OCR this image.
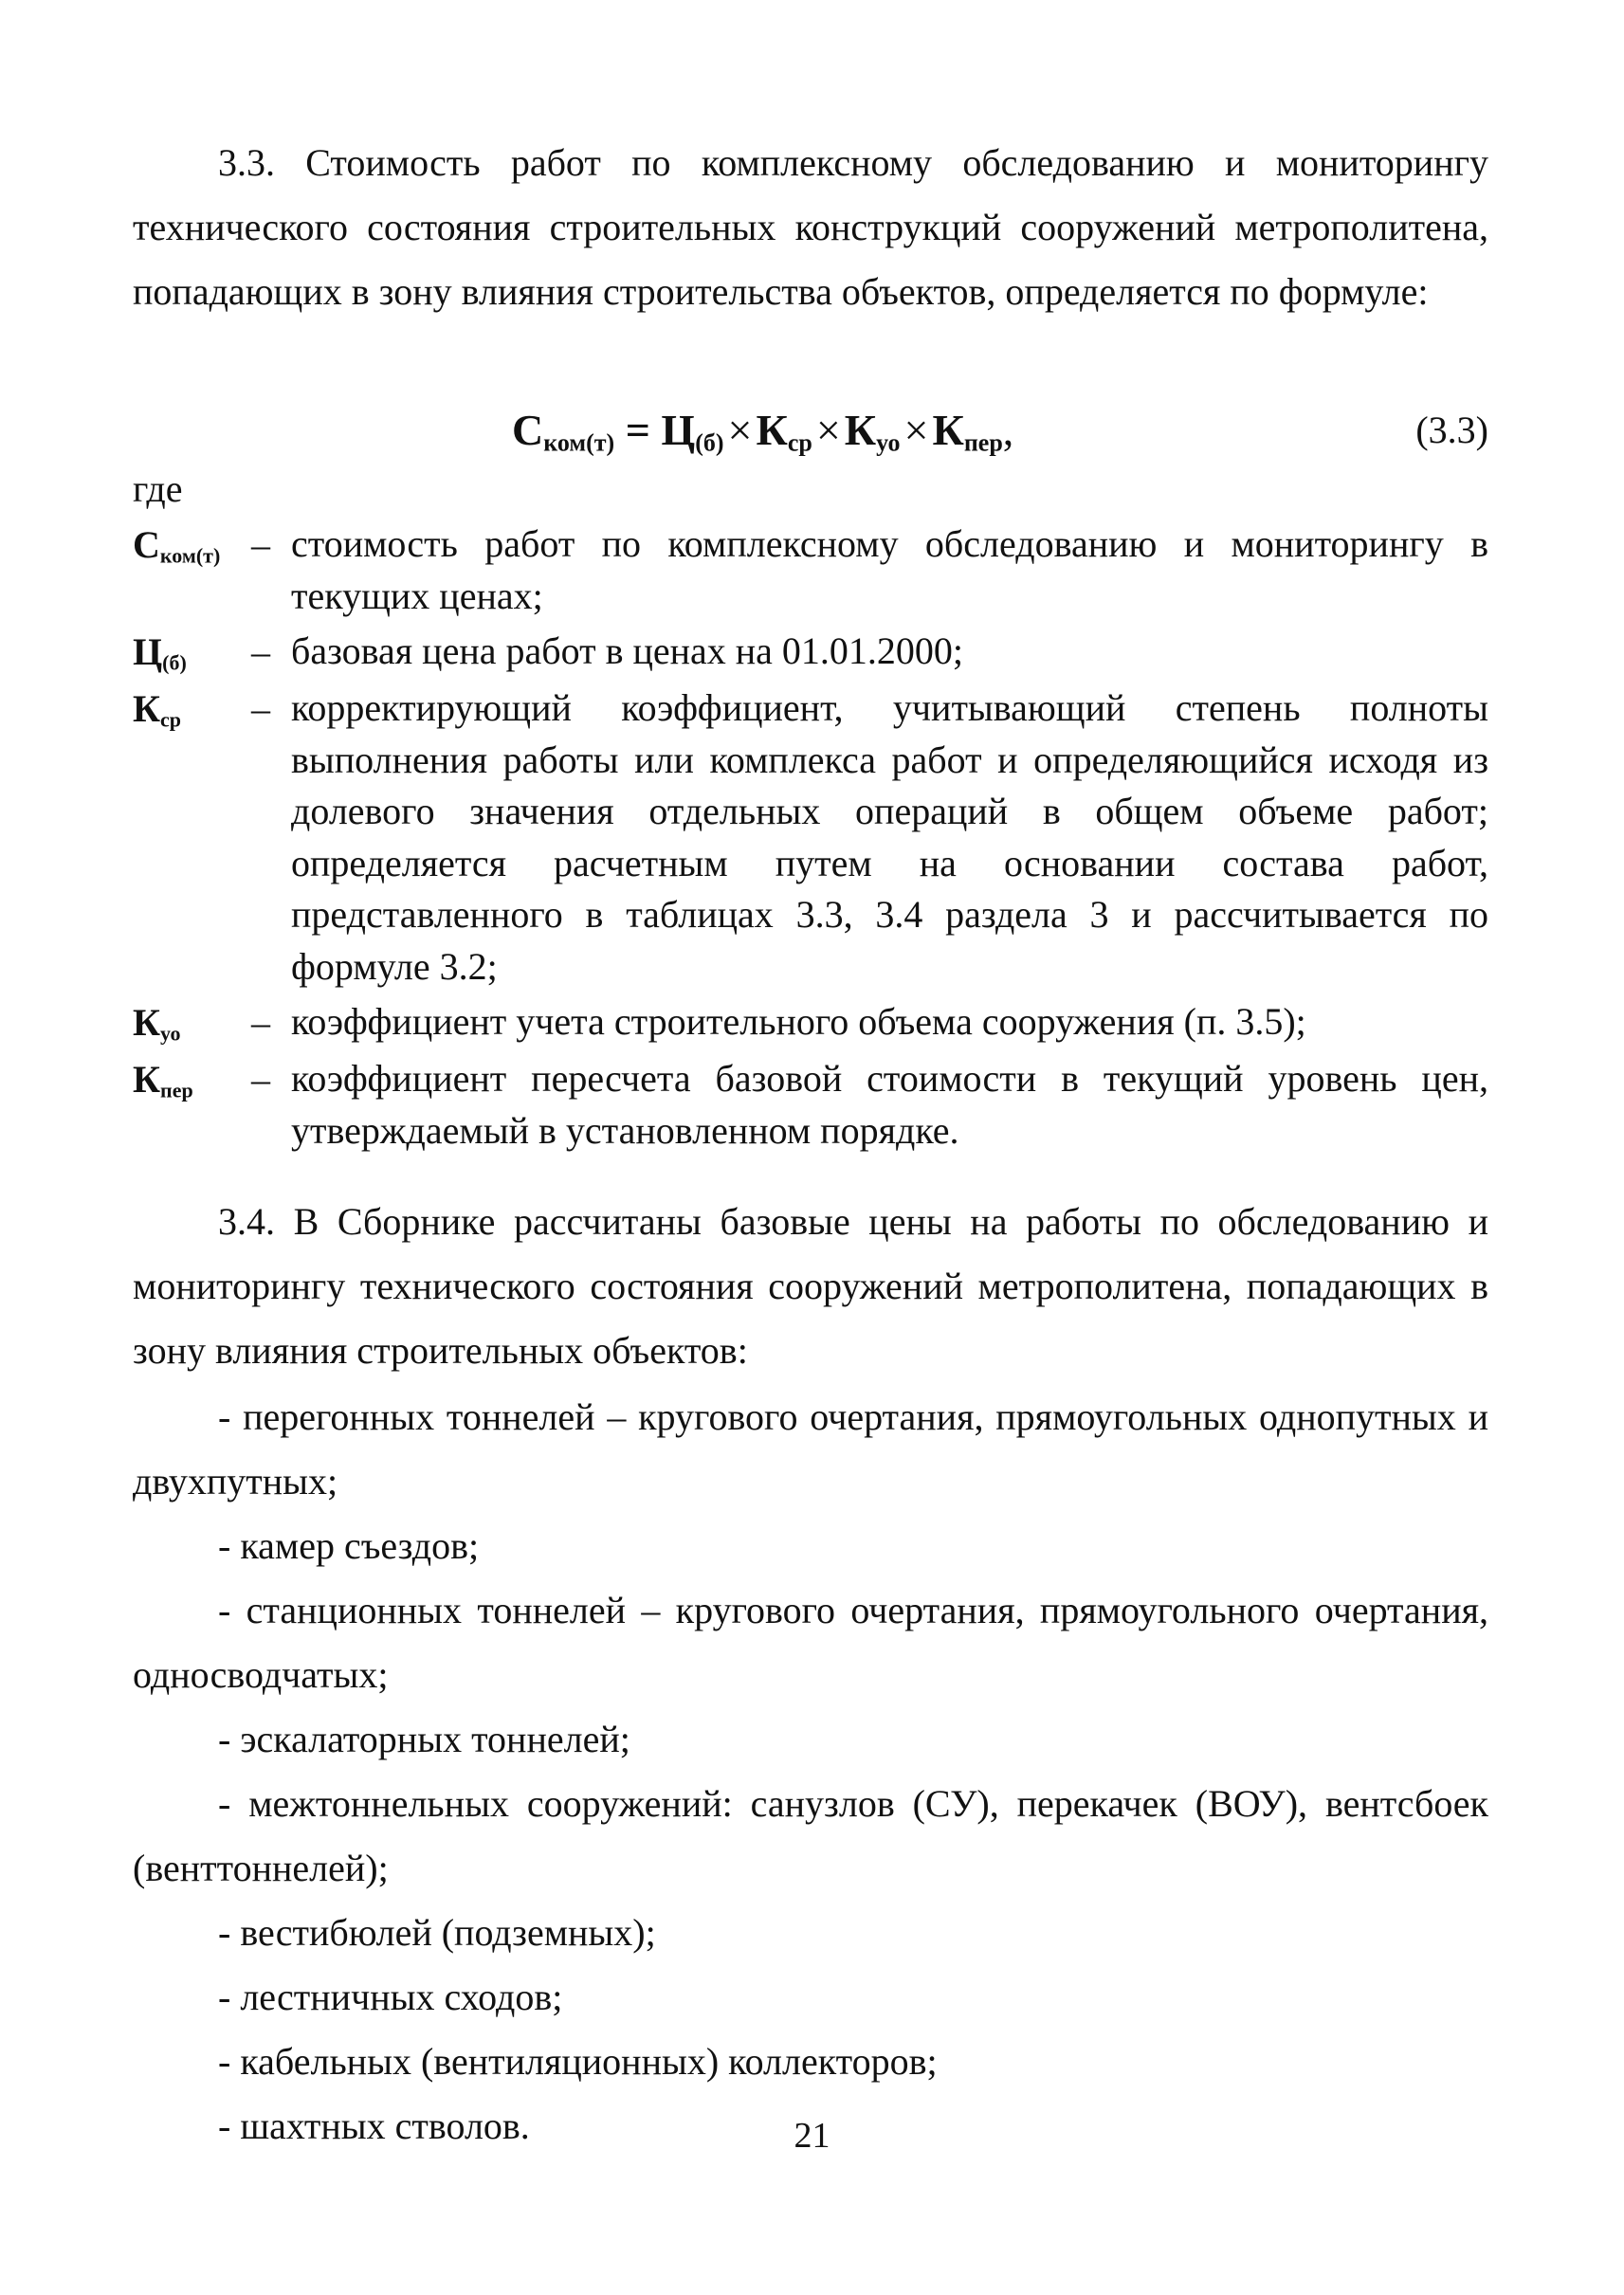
3.3. Стоимость работ по комплексному обследованию и мониторингу технического состояния строительных конструкций сооружений метрополитена, попадающих в зону влияния строительства объектов, определяется по формуле:

$С_{ком(т)} = Ц_{(б)}\times К_{ср}\times К_{уо}\times К_{пер}$,	(3.3)
где
$С_{ком(т)}$ – стоимость работ по комплексному обследованию и мониторингу в текущих ценах;
$Ц_{(б)}$	– базовая цена работ в ценах на 01.01.2000;
$К_{ср}$	– корректирующий коэффициент, учитывающий степень полноты выполнения работы или комплекса работ и определяющийся исходя из долевого значения отдельных операций в общем объеме работ; определяется расчетным путем на основании состава работ, представленного в таблицах 3.3, 3.4 раздела 3 и рассчитывается по формуле 3.2;
$К_{уо}$	– коэффициент учета строительного объема сооружения (п. 3.5);
$К_{пер}$	– коэффициент пересчета базовой стоимости в текущий уровень цен, утверждаемый в установленном порядке.

3.4. В Сборнике рассчитаны базовые цены на работы по обследованию и мониторингу технического состояния сооружений метрополитена, попадающих в зону влияния строительных объектов:

- перегонных тоннелей – кругового очертания, прямоугольных однопутных и двухпутных;

- камер съездов;

- станционных тоннелей – кругового очертания, прямоугольного очертания, односводчатых;

- эскалаторных тоннелей;

- межтоннельных сооружений: санузлов (СУ), перекачек (ВОУ), вентсбоек (венттоннелей);

- вестибюлей (подземных);

- лестничных сходов;

- кабельных (вентиляционных) коллекторов;

- шахтных стволов.	21
